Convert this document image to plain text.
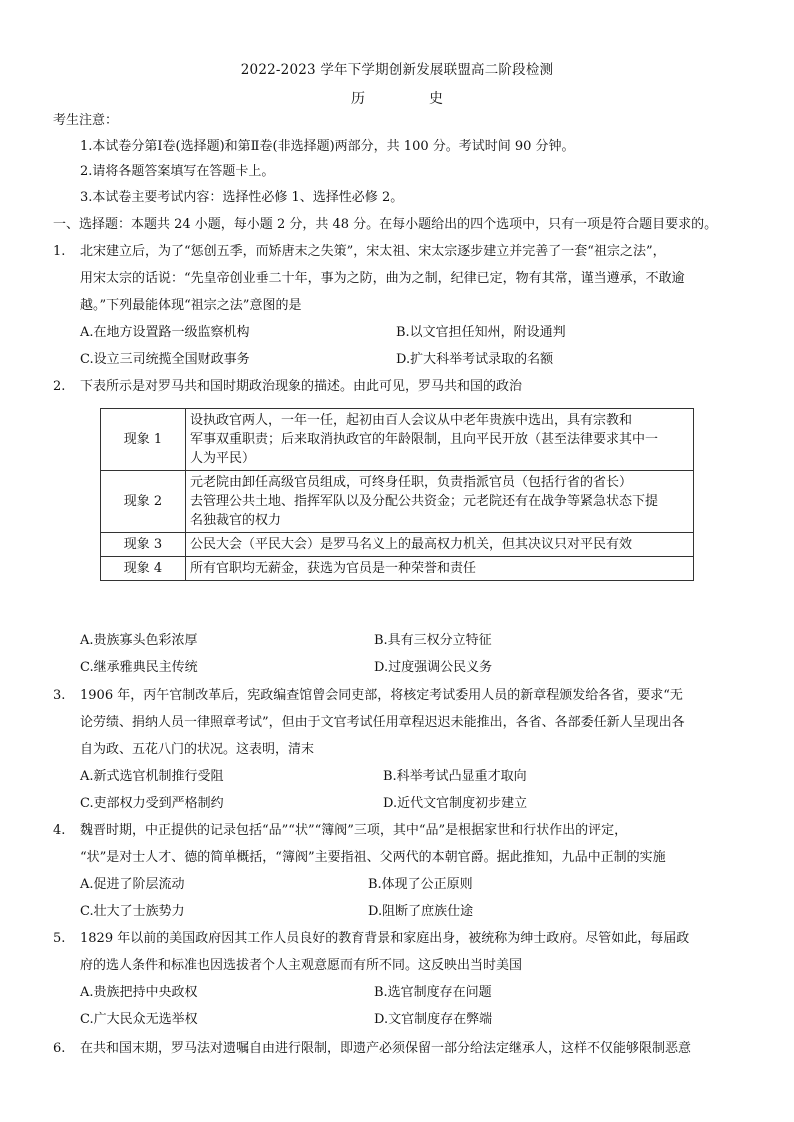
2022-2023 学年下学期创新发展联盟高二阶段检测
历	史
考生注意：
1.本试卷分第Ⅰ卷(选择题)和第Ⅱ卷(非选择题)两部分，共 100 分。考试时间 90 分钟。
2.请将各题答案填写在答题卡上。
3.本试卷主要考试内容：选择性必修 1、选择性必修 2。
一、选择题：本题共 24 小题，每小题 2 分，共 48 分。在每小题给出的四个选项中，只有一项是符合题目要求的。
1. 北宋建立后，为了“惩创五季，而矫唐末之失策”，宋太祖、宋太宗逐步建立并完善了一套“祖宗之法”，
用宋太宗的话说：“先皇帝创业垂二十年，事为之防，曲为之制，纪律已定，物有其常，谨当遵承，不敢逾
越。”下列最能体现“祖宗之法”意图的是
A.在地方设置路一级监察机构	B.以文官担任知州，附设通判
C.设立三司统揽全国财政事务	D.扩大科举考试录取的名额
2. 下表所示是对罗马共和国时期政治现象的描述。由此可见，罗马共和国的政治
现象 1	设执政官两人，一年一任，起初由百人会议从中老年贵族中选出，具有宗教和
军事双重职责；后来取消执政官的年龄限制，且向平民开放（甚至法律要求其中一
人为平民）

现象 2	元老院由卸任高级官员组成，可终身任职，负责指派官员（包括行省的省长）
去管理公共土地、指挥军队以及分配公共资金；元老院还有在战争等紧急状态下提
名独裁官的权力

现象 3	公民大会（平民大会）是罗马名义上的最高权力机关，但其决议只对平民有效

现象 4	所有官职均无薪金，获选为官员是一种荣誉和责任
A.贵族寡头色彩浓厚	B.具有三权分立特征
C.继承雅典民主传统	D.过度强调公民义务
3. 1906 年，丙午官制改革后，宪政编查馆曾会同吏部，将核定考试委用人员的新章程颁发给各省，要求“无
论劳绩、捐纳人员一律照章考试”，但由于文官考试任用章程迟迟未能推出，各省、各部委任新人呈现出各
自为政、五花八门的状况。这表明，清末
A.新式选官机制推行受阻	B.科举考试凸显重才取向
C.吏部权力受到严格制约	D.近代文官制度初步建立
4. 魏晋时期，中正提供的记录包括“品”“状”“簿阀”三项，其中“品”是根据家世和行状作出的评定，
“状”是对士人才、德的简单概括，“簿阀”主要指祖、父两代的本朝官爵。据此推知，九品中正制的实施
A.促进了阶层流动	B.体现了公正原则
C.壮大了士族势力	D.阻断了庶族仕途
5. 1829 年以前的美国政府因其工作人员良好的教育背景和家庭出身，被统称为绅士政府。尽管如此，每届政
府的选人条件和标准也因选拔者个人主观意愿而有所不同。这反映出当时美国
A.贵族把持中央政权	B.选官制度存在问题
C.广大民众无选举权	D.文官制度存在弊端
6. 在共和国末期，罗马法对遗嘱自由进行限制，即遗产必须保留一部分给法定继承人，这样不仅能够限制恶意
